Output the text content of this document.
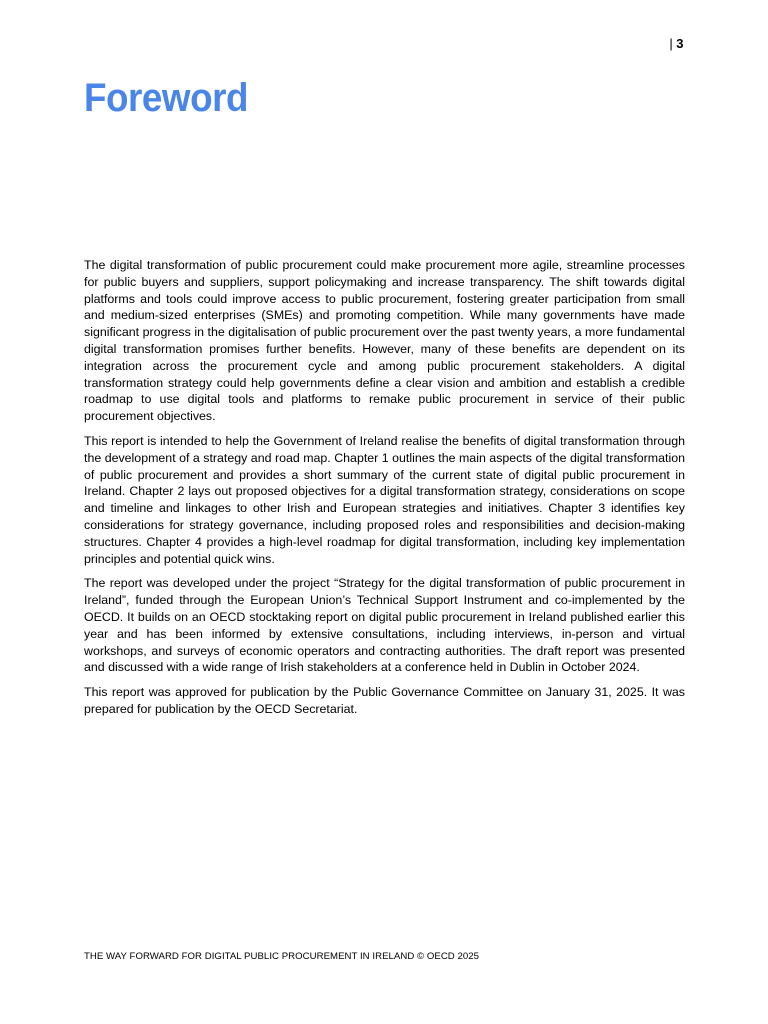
| 3
Foreword

The digital transformation of public procurement could make procurement more agile, streamline processes for public buyers and suppliers, support policymaking and increase transparency. The shift towards digital platforms and tools could improve access to public procurement, fostering greater participation from small and medium-sized enterprises (SMEs) and promoting competition. While many governments have made significant progress in the digitalisation of public procurement over the past twenty years, a more fundamental digital transformation promises further benefits. However, many of these benefits are dependent on its integration across the procurement cycle and among public procurement stakeholders. A digital transformation strategy could help governments define a clear vision and ambition and establish a credible roadmap to use digital tools and platforms to remake public procurement in service of their public procurement objectives.

This report is intended to help the Government of Ireland realise the benefits of digital transformation through the development of a strategy and road map. Chapter 1 outlines the main aspects of the digital transformation of public procurement and provides a short summary of the current state of digital public procurement in Ireland. Chapter 2 lays out proposed objectives for a digital transformation strategy, considerations on scope and timeline and linkages to other Irish and European strategies and initiatives. Chapter 3 identifies key considerations for strategy governance, including proposed roles and responsibilities and decision-making structures. Chapter 4 provides a high-level roadmap for digital transformation, including key implementation principles and potential quick wins.

The report was developed under the project “Strategy for the digital transformation of public procurement in Ireland”, funded through the European Union’s Technical Support Instrument and co-implemented by the OECD. It builds on an OECD stocktaking report on digital public procurement in Ireland published earlier this year and has been informed by extensive consultations, including interviews, in-person and virtual workshops, and surveys of economic operators and contracting authorities. The draft report was presented and discussed with a wide range of Irish stakeholders at a conference held in Dublin in October 2024.

This report was approved for publication by the Public Governance Committee on January 31, 2025. It was prepared for publication by the OECD Secretariat.

THE WAY FORWARD FOR DIGITAL PUBLIC PROCUREMENT IN IRELAND © OECD 2025
